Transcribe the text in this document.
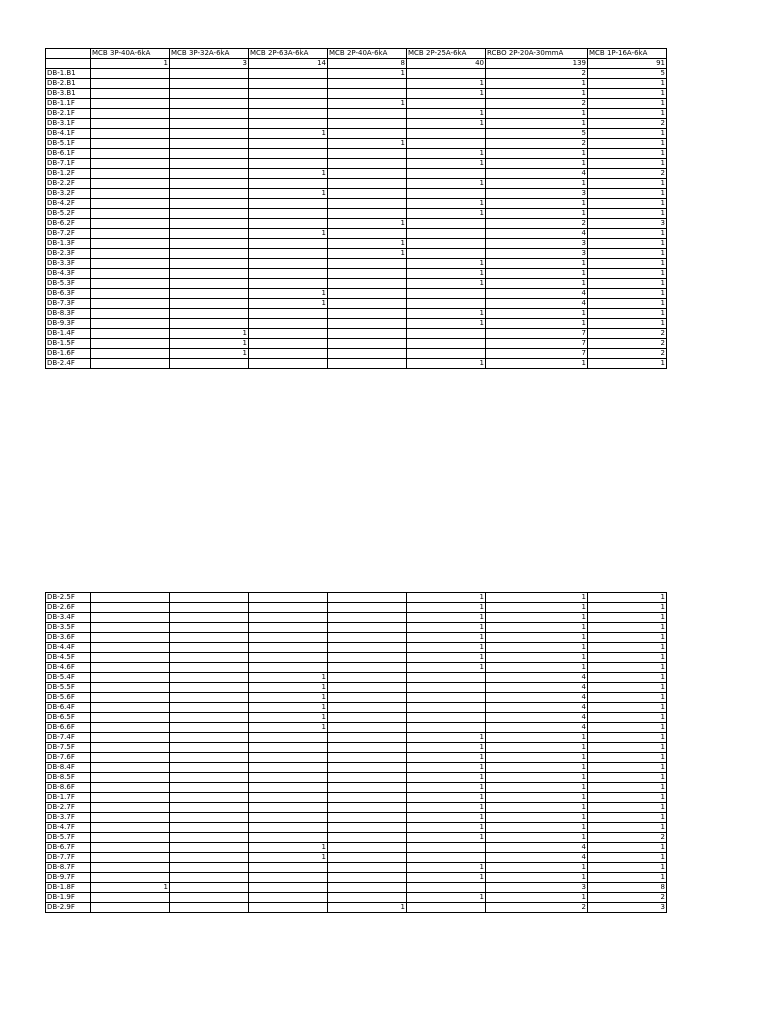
	MCB 3P-40A-6kA	MCB 3P-32A-6kA	MCB 2P-63A-6kA	MCB 2P-40A-6kA	MCB 2P-25A-6kA	RCBO 2P-20A-30mmA	MCB 1P-16A-6kA
	1	3	14	8	40	139	91
DB-1.B1				1		2	5
DB-2.B1					1	1	1
DB-3.B1					1	1	1
DB-1.1F				1		2	1
DB-2.1F					1	1	1
DB-3.1F					1	1	2
DB-4.1F			1			5	1
DB-5.1F				1		2	1
DB-6.1F					1	1	1
DB-7.1F					1	1	1
DB-1.2F			1			4	2
DB-2.2F					1	1	1
DB-3.2F			1			3	1
DB-4.2F					1	1	1
DB-5.2F					1	1	1
DB-6.2F				1		2	3
DB-7.2F			1			4	1
DB-1.3F				1		3	1
DB-2.3F				1		3	1
DB-3.3F					1	1	1
DB-4.3F					1	1	1
DB-5.3F					1	1	1
DB-6.3F			1			4	1
DB-7.3F			1			4	1
DB-8.3F					1	1	1
DB-9.3F					1	1	1
DB-1.4F		1				7	2
DB-1.5F		1				7	2
DB-1.6F		1				7	2
DB-2.4F					1	1	1
DB-2.5F					1	1	1
DB-2.6F					1	1	1
DB-3.4F					1	1	1
DB-3.5F					1	1	1
DB-3.6F					1	1	1
DB-4.4F					1	1	1
DB-4.5F					1	1	1
DB-4.6F					1	1	1
DB-5.4F			1			4	1
DB-5.5F			1			4	1
DB-5.6F			1			4	1
DB-6.4F			1			4	1
DB-6.5F			1			4	1
DB-6.6F			1			4	1
DB-7.4F					1	1	1
DB-7.5F					1	1	1
DB-7.6F					1	1	1
DB-8.4F					1	1	1
DB-8.5F					1	1	1
DB-8.6F					1	1	1
DB-1.7F					1	1	1
DB-2.7F					1	1	1
DB-3.7F					1	1	1
DB-4.7F					1	1	1
DB-5.7F					1	1	2
DB-6.7F			1			4	1
DB-7.7F			1			4	1
DB-8.7F					1	1	1
DB-9.7F					1	1	1
DB-1.8F	1					3	8
DB-1.9F					1	1	2
DB-2.9F				1		2	3
